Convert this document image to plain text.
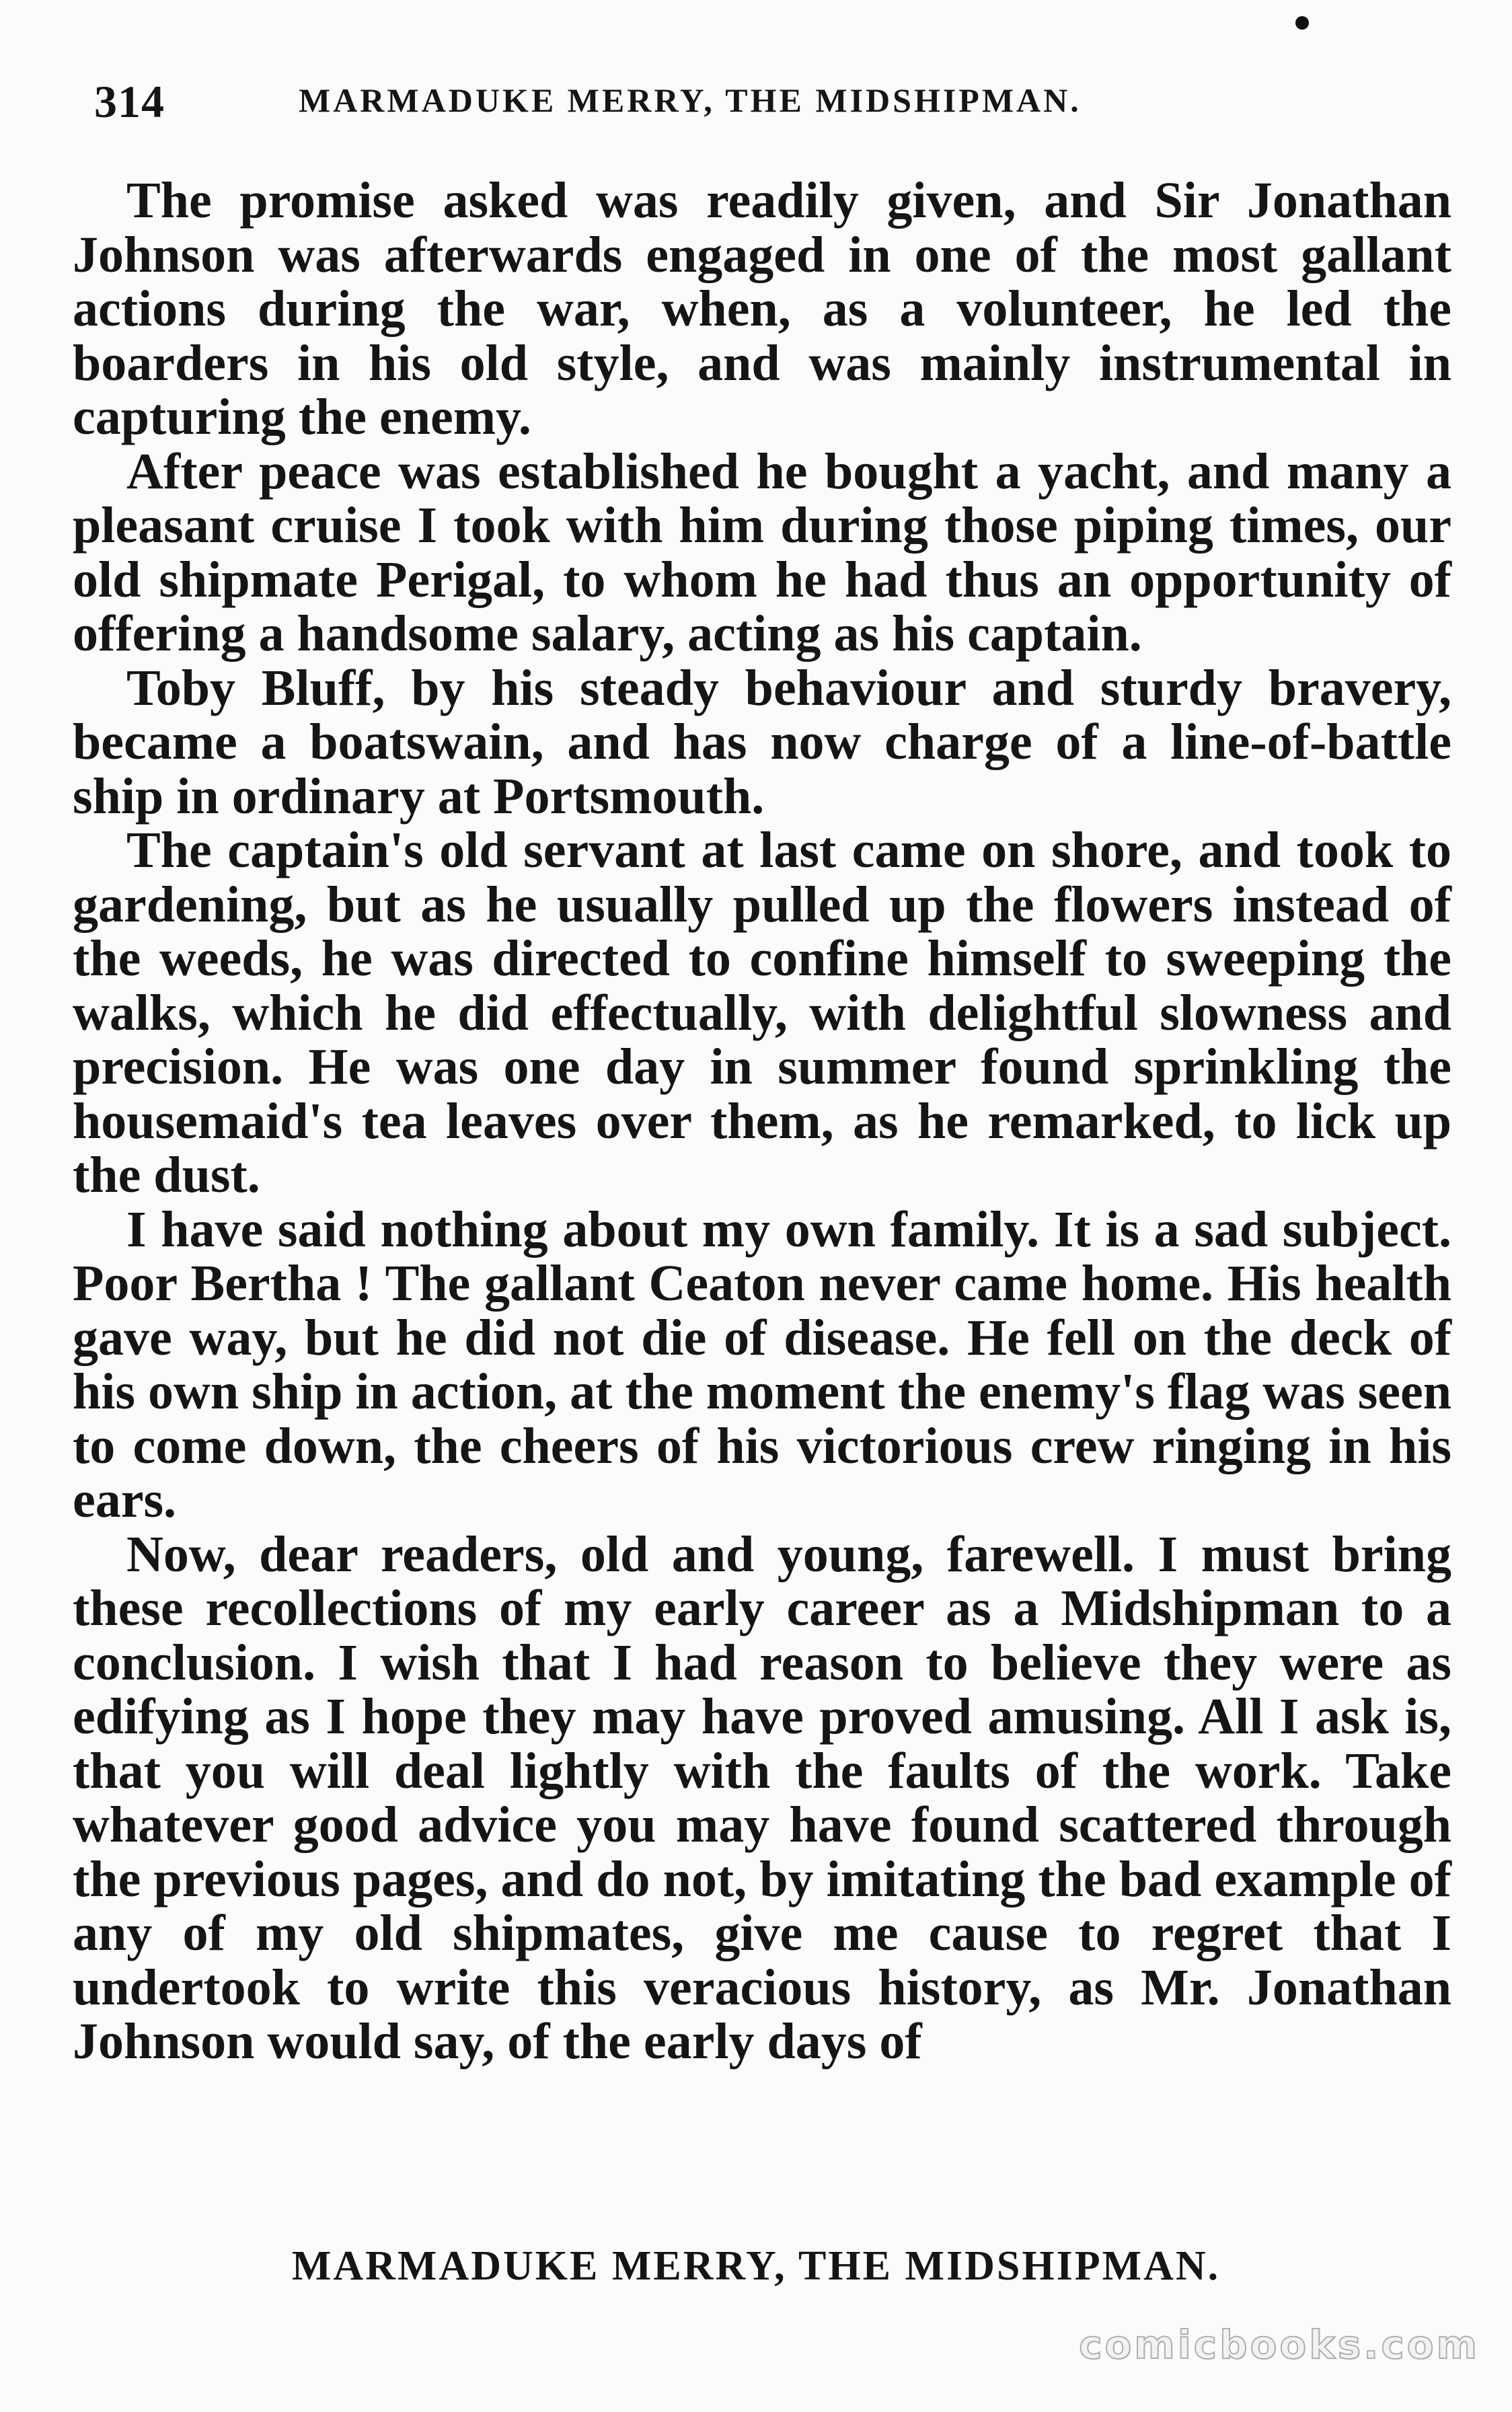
314	MARMADUKE MERRY, THE MIDSHIPMAN.

The promise asked was readily given, and Sir Jonathan Johnson was afterwards engaged in one of the most gallant actions during the war, when, as a volunteer, he led the boarders in his old style, and was mainly instrumental in capturing the enemy.

After peace was established he bought a yacht, and many a pleasant cruise I took with him during those piping times, our old shipmate Perigal, to whom he had thus an opportunity of offering a handsome salary, acting as his captain.

Toby Bluff, by his steady behaviour and sturdy bravery, became a boatswain, and has now charge of a line-of-battle ship in ordinary at Portsmouth.

The captain's old servant at last came on shore, and took to gardening, but as he usually pulled up the flowers instead of the weeds, he was directed to confine himself to sweeping the walks, which he did effectually, with delightful slowness and precision. He was one day in summer found sprinkling the housemaid's tea leaves over them, as he remarked, to lick up the dust.

I have said nothing about my own family. It is a sad subject. Poor Bertha ! The gallant Ceaton never came home. His health gave way, but he did not die of disease. He fell on the deck of his own ship in action, at the moment the enemy's flag was seen to come down, the cheers of his victorious crew ringing in his ears.

Now, dear readers, old and young, farewell. I must bring these recollections of my early career as a Midshipman to a conclusion. I wish that I had reason to believe they were as edifying as I hope they may have proved amusing. All I ask is, that you will deal lightly with the faults of the work. Take whatever good advice you may have found scattered through the previous pages, and do not, by imitating the bad example of any of my old shipmates, give me cause to regret that I undertook to write this veracious history, as Mr. Jonathan Johnson would say, of the early days of

MARMADUKE MERRY, THE MIDSHIPMAN.
comicbooks.com
